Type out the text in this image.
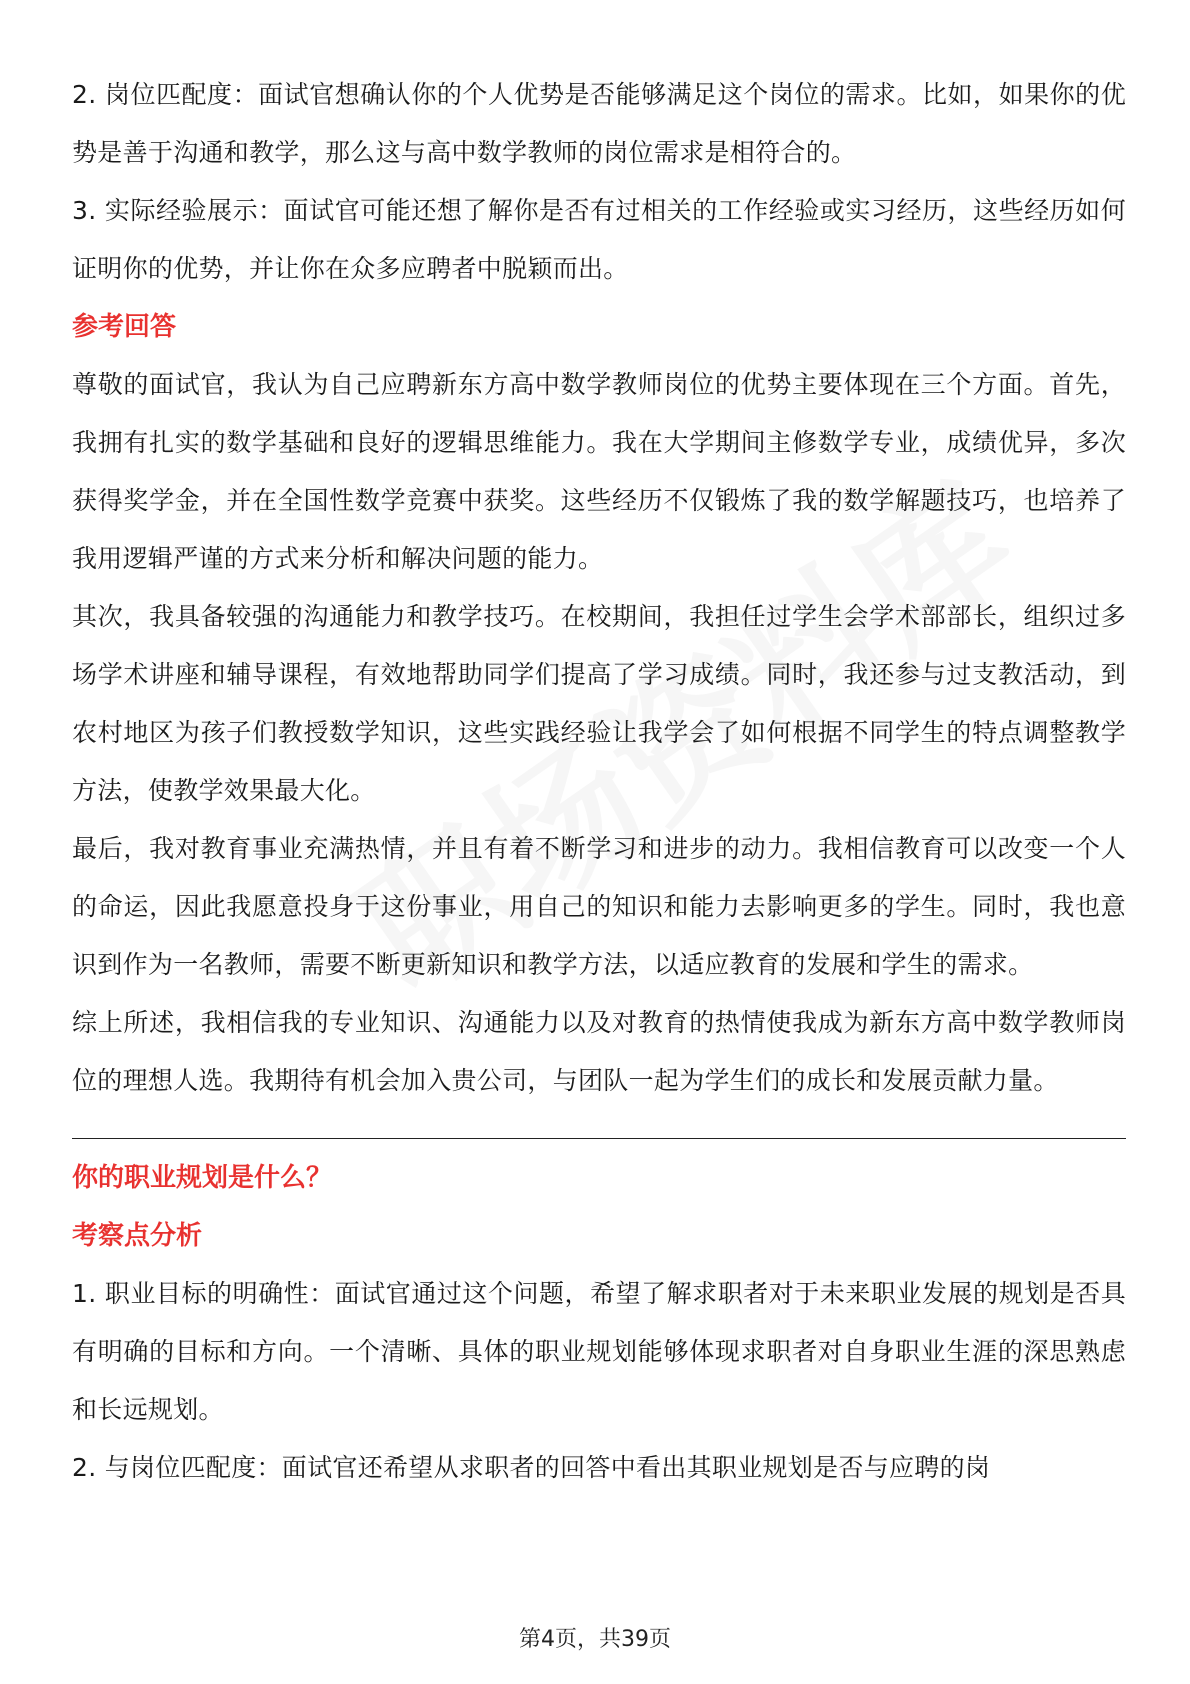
2. 岗位匹配度：面试官想确认你的个人优势是否能够满足这个岗位的需求。比如，如果你的优势是善于沟通和教学，那么这与高中数学教师的岗位需求是相符合的。

3. 实际经验展示：面试官可能还想了解你是否有过相关的工作经验或实习经历，这些经历如何证明你的优势，并让你在众多应聘者中脱颖而出。

参考回答

尊敬的面试官，我认为自己应聘新东方高中数学教师岗位的优势主要体现在三个方面。首先，我拥有扎实的数学基础和良好的逻辑思维能力。我在大学期间主修数学专业，成绩优异，多次获得奖学金，并在全国性数学竞赛中获奖。这些经历不仅锻炼了我的数学解题技巧，也培养了我用逻辑严谨的方式来分析和解决问题的能力。

其次，我具备较强的沟通能力和教学技巧。在校期间，我担任过学生会学术部部长，组织过多场学术讲座和辅导课程，有效地帮助同学们提高了学习成绩。同时，我还参与过支教活动，到农村地区为孩子们教授数学知识，这些实践经验让我学会了如何根据不同学生的特点调整教学方法，使教学效果最大化。

最后，我对教育事业充满热情，并且有着不断学习和进步的动力。我相信教育可以改变一个人的命运，因此我愿意投身于这份事业，用自己的知识和能力去影响更多的学生。同时，我也意识到作为一名教师，需要不断更新知识和教学方法，以适应教育的发展和学生的需求。

综上所述，我相信我的专业知识、沟通能力以及对教育的热情使我成为新东方高中数学教师岗位的理想人选。我期待有机会加入贵公司，与团队一起为学生们的成长和发展贡献力量。

你的职业规划是什么？

考察点分析

1. 职业目标的明确性：面试官通过这个问题，希望了解求职者对于未来职业发展的规划是否具有明确的目标和方向。一个清晰、具体的职业规划能够体现求职者对自身职业生涯的深思熟虑和长远规划。

2. 与岗位匹配度：面试官还希望从求职者的回答中看出其职业规划是否与应聘的岗

第4页，共39页
